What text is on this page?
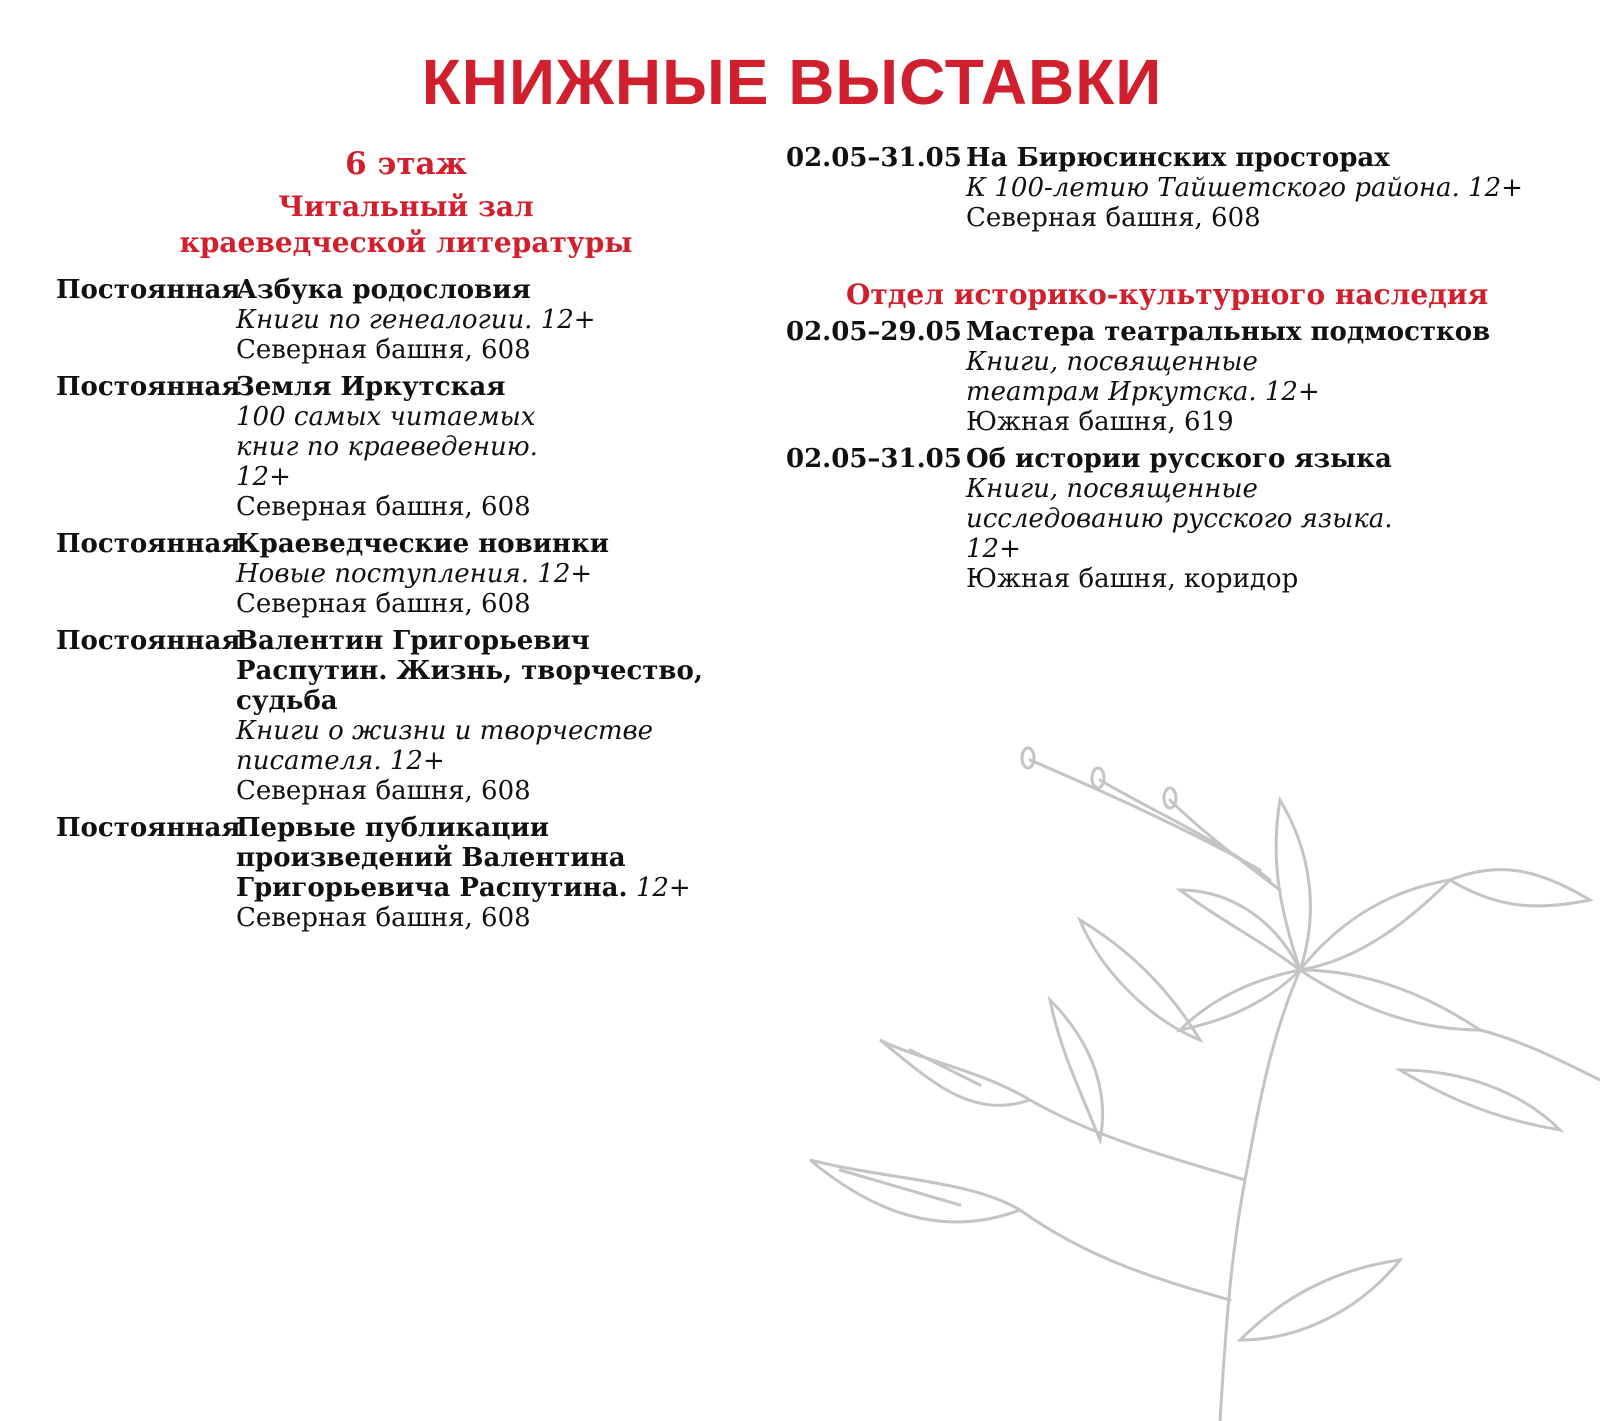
КНИЖНЫЕ ВЫСТАВКИ
6 этаж
Читальный зал
краеведческой литературы
Постоянная
Азбука родословия
Книги по генеалогии. 12+
Северная башня, 608
Постоянная
Земля Иркутская
100 самых читаемых книг по краеведению. 12+
Северная башня, 608
Постоянная
Краеведческие новинки
Новые поступления. 12+
Северная башня, 608
Постоянная
Валентин Григорьевич Распутин. Жизнь, творчество, судьба
Книги о жизни и творчестве писателя. 12+
Северная башня, 608
Постоянная
Первые публикации произведений Валентина Григорьевича Распутина. 12+
Северная башня, 608
02.05–31.05 На Бирюсинских просторах
К 100-летию Тайшетского района. 12+
Северная башня, 608
Отдел историко-культурного наследия
02.05–29.05 Мастера театральных подмостков
Книги, посвященные театрам Иркутска. 12+
Южная башня, 619
02.05–31.05 Об истории русского языка
Книги, посвященные исследованию русского языка. 12+
Южная башня, коридор
